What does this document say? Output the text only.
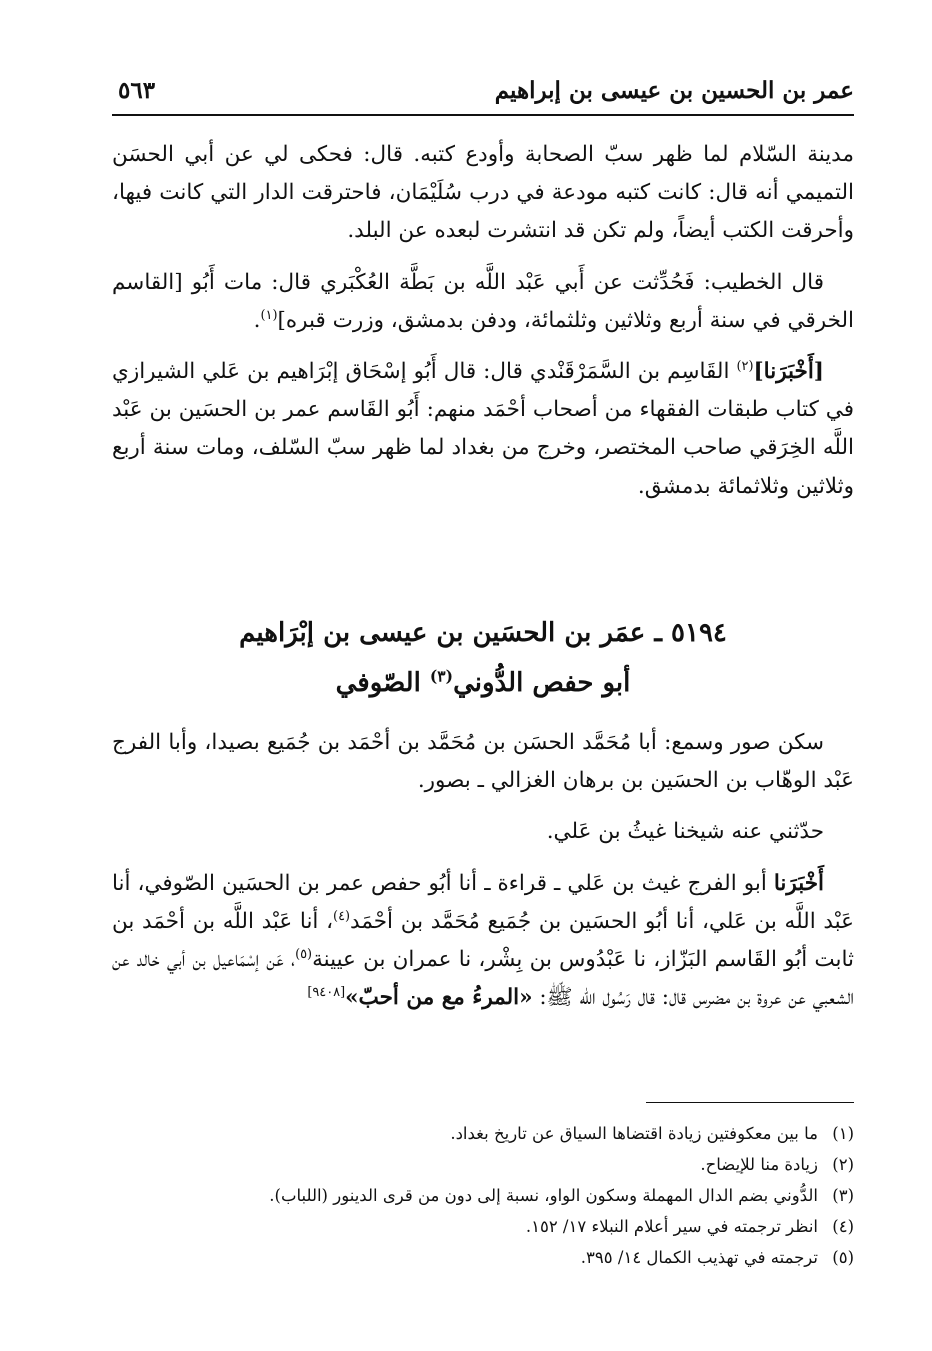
عمر بن الحسين بن عيسى بن إبراهيم
٥٦٣

مدينة السّلام لما ظهر سبّ الصحابة وأودع كتبه. قال: فحكى لي عن أبي الحسَن التميمي أنه قال: كانت كتبه مودعة في درب سُلَيْمَان، فاحترقت الدار التي كانت فيها، وأحرقت الكتب أيضاً، ولم تكن قد انتشرت لبعده عن البلد.

قال الخطيب: فَحُدِّثت عن أَبي عَبْد اللَّه بن بَطَّة العُكْبَري قال: مات أَبُو [القاسم الخرقي في سنة أربع وثلاثين وثلثمائة، ودفن بدمشق، وزرت قبره]$^{(١)}$.

[أَخْبَرَنا]$^{(٢)}$ القَاسِم بن السَّمَرْقَنْدي قال: قال أَبُو إسْحَاق إبْرَاهيم بن عَلي الشيرازي في كتاب طبقات الفقهاء من أصحاب أحْمَد منهم: أَبُو القَاسم عمر بن الحسَين بن عَبْد اللَّه الخِرَقي صاحب المختصر، وخرج من بغداد لما ظهر سبّ السّلف، ومات سنة أربع وثلاثين وثلاثمائة بدمشق.

٥١٩٤ ـ عمَر بن الحسَين بن عيسى بن إبْرَاهيم
أبو حفص الدُّوني$^{(٣)}$ الصّوفي

سكن صور وسمع: أبا مُحَمَّد الحسَن بن مُحَمَّد بن أحْمَد بن جُمَيع بصيدا، وأبا الفرج عَبْد الوهّاب بن الحسَين بن برهان الغزالي ـ بصور.

حدّثني عنه شيخنا غيثُ بن عَلي.

أَخْبَرَنا أبو الفرج غيث بن عَلي ـ قراءة ـ أنا أبُو حفص عمر بن الحسَين الصّوفي، أنا عَبْد اللَّه بن عَلي، أنا أبُو الحسَين بن جُمَيع مُحَمَّد بن أحْمَد$^{(٤)}$، أنا عَبْد اللَّه بن أحْمَد بن ثابت أبُو القَاسم البَزّاز، نا عَبْدُوس بن بِشْر، نا عمران بن عيينة$^{(٥)}$، عَن إسْمَاعيل بن أبي خالد عن الشعبي عن عروة بن مضرس قال: قال رَسُول الله ﷺ: «المرءُ مع من أحبّ»[٩٤٠٨]

(١)ما بين معكوفتين زيادة اقتضاها السياق عن تاريخ بغداد.
(٢)زيادة منا للإيضاح.
(٣)الدُّوني بضم الدال المهملة وسكون الواو، نسبة إلى دون من قرى الدينور (اللباب).
(٤)انظر ترجمته في سير أعلام النبلاء ١٧/ ١٥٢.
(٥)ترجمته في تهذيب الكمال ١٤/ ٣٩٥.
